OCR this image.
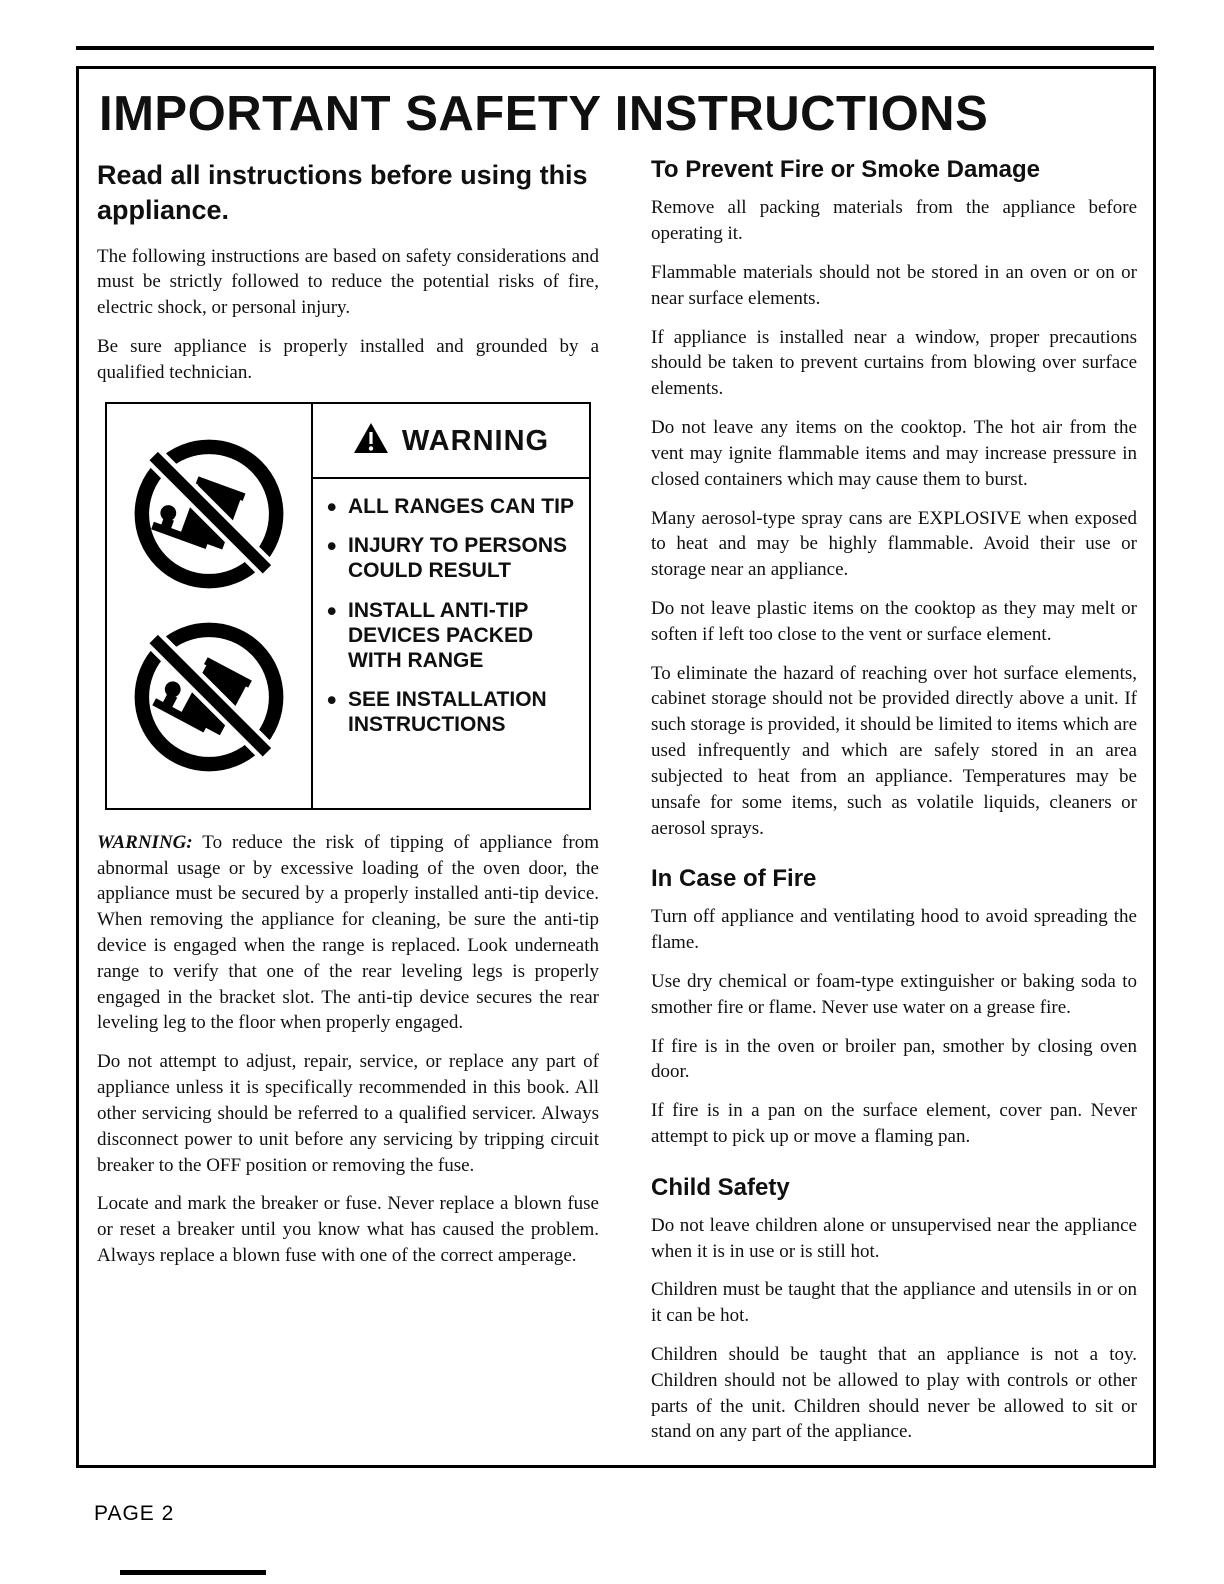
IMPORTANT SAFETY INSTRUCTIONS
Read all instructions before using this appliance.

The following instructions are based on safety considerations and must be strictly followed to reduce the potential risks of fire, electric shock, or personal injury.

Be sure appliance is properly installed and grounded by a qualified technician.

WARNING
• ALL RANGES CAN TIP
• INJURY TO PERSONS COULD RESULT
• INSTALL ANTI-TIP DEVICES PACKED WITH RANGE
• SEE INSTALLATION INSTRUCTIONS

WARNING: To reduce the risk of tipping of appliance from abnormal usage or by excessive loading of the oven door, the appliance must be secured by a properly installed anti-tip device. When removing the appliance for cleaning, be sure the anti-tip device is engaged when the range is replaced. Look underneath range to verify that one of the rear leveling legs is properly engaged in the bracket slot. The anti-tip device secures the rear leveling leg to the floor when properly engaged.

Do not attempt to adjust, repair, service, or replace any part of appliance unless it is specifically recommended in this book. All other servicing should be referred to a qualified servicer. Always disconnect power to unit before any servicing by tripping circuit breaker to the OFF position or removing the fuse.

Locate and mark the breaker or fuse. Never replace a blown fuse or reset a breaker until you know what has caused the problem. Always replace a blown fuse with one of the correct amperage.

To Prevent Fire or Smoke Damage

Remove all packing materials from the appliance before operating it.

Flammable materials should not be stored in an oven or on or near surface elements.

If appliance is installed near a window, proper precautions should be taken to prevent curtains from blowing over surface elements.

Do not leave any items on the cooktop. The hot air from the vent may ignite flammable items and may increase pressure in closed containers which may cause them to burst.

Many aerosol-type spray cans are EXPLOSIVE when exposed to heat and may be highly flammable. Avoid their use or storage near an appliance.

Do not leave plastic items on the cooktop as they may melt or soften if left too close to the vent or surface element.

To eliminate the hazard of reaching over hot surface elements, cabinet storage should not be provided directly above a unit. If such storage is provided, it should be limited to items which are used infrequently and which are safely stored in an area subjected to heat from an appliance. Temperatures may be unsafe for some items, such as volatile liquids, cleaners or aerosol sprays.

In Case of Fire

Turn off appliance and ventilating hood to avoid spreading the flame.

Use dry chemical or foam-type extinguisher or baking soda to smother fire or flame. Never use water on a grease fire.

If fire is in the oven or broiler pan, smother by closing oven door.

If fire is in a pan on the surface element, cover pan. Never attempt to pick up or move a flaming pan.

Child Safety

Do not leave children alone or unsupervised near the appliance when it is in use or is still hot.

Children must be taught that the appliance and utensils in or on it can be hot.

Children should be taught that an appliance is not a toy. Children should not be allowed to play with controls or other parts of the unit. Children should never be allowed to sit or stand on any part of the appliance.

PAGE 2
